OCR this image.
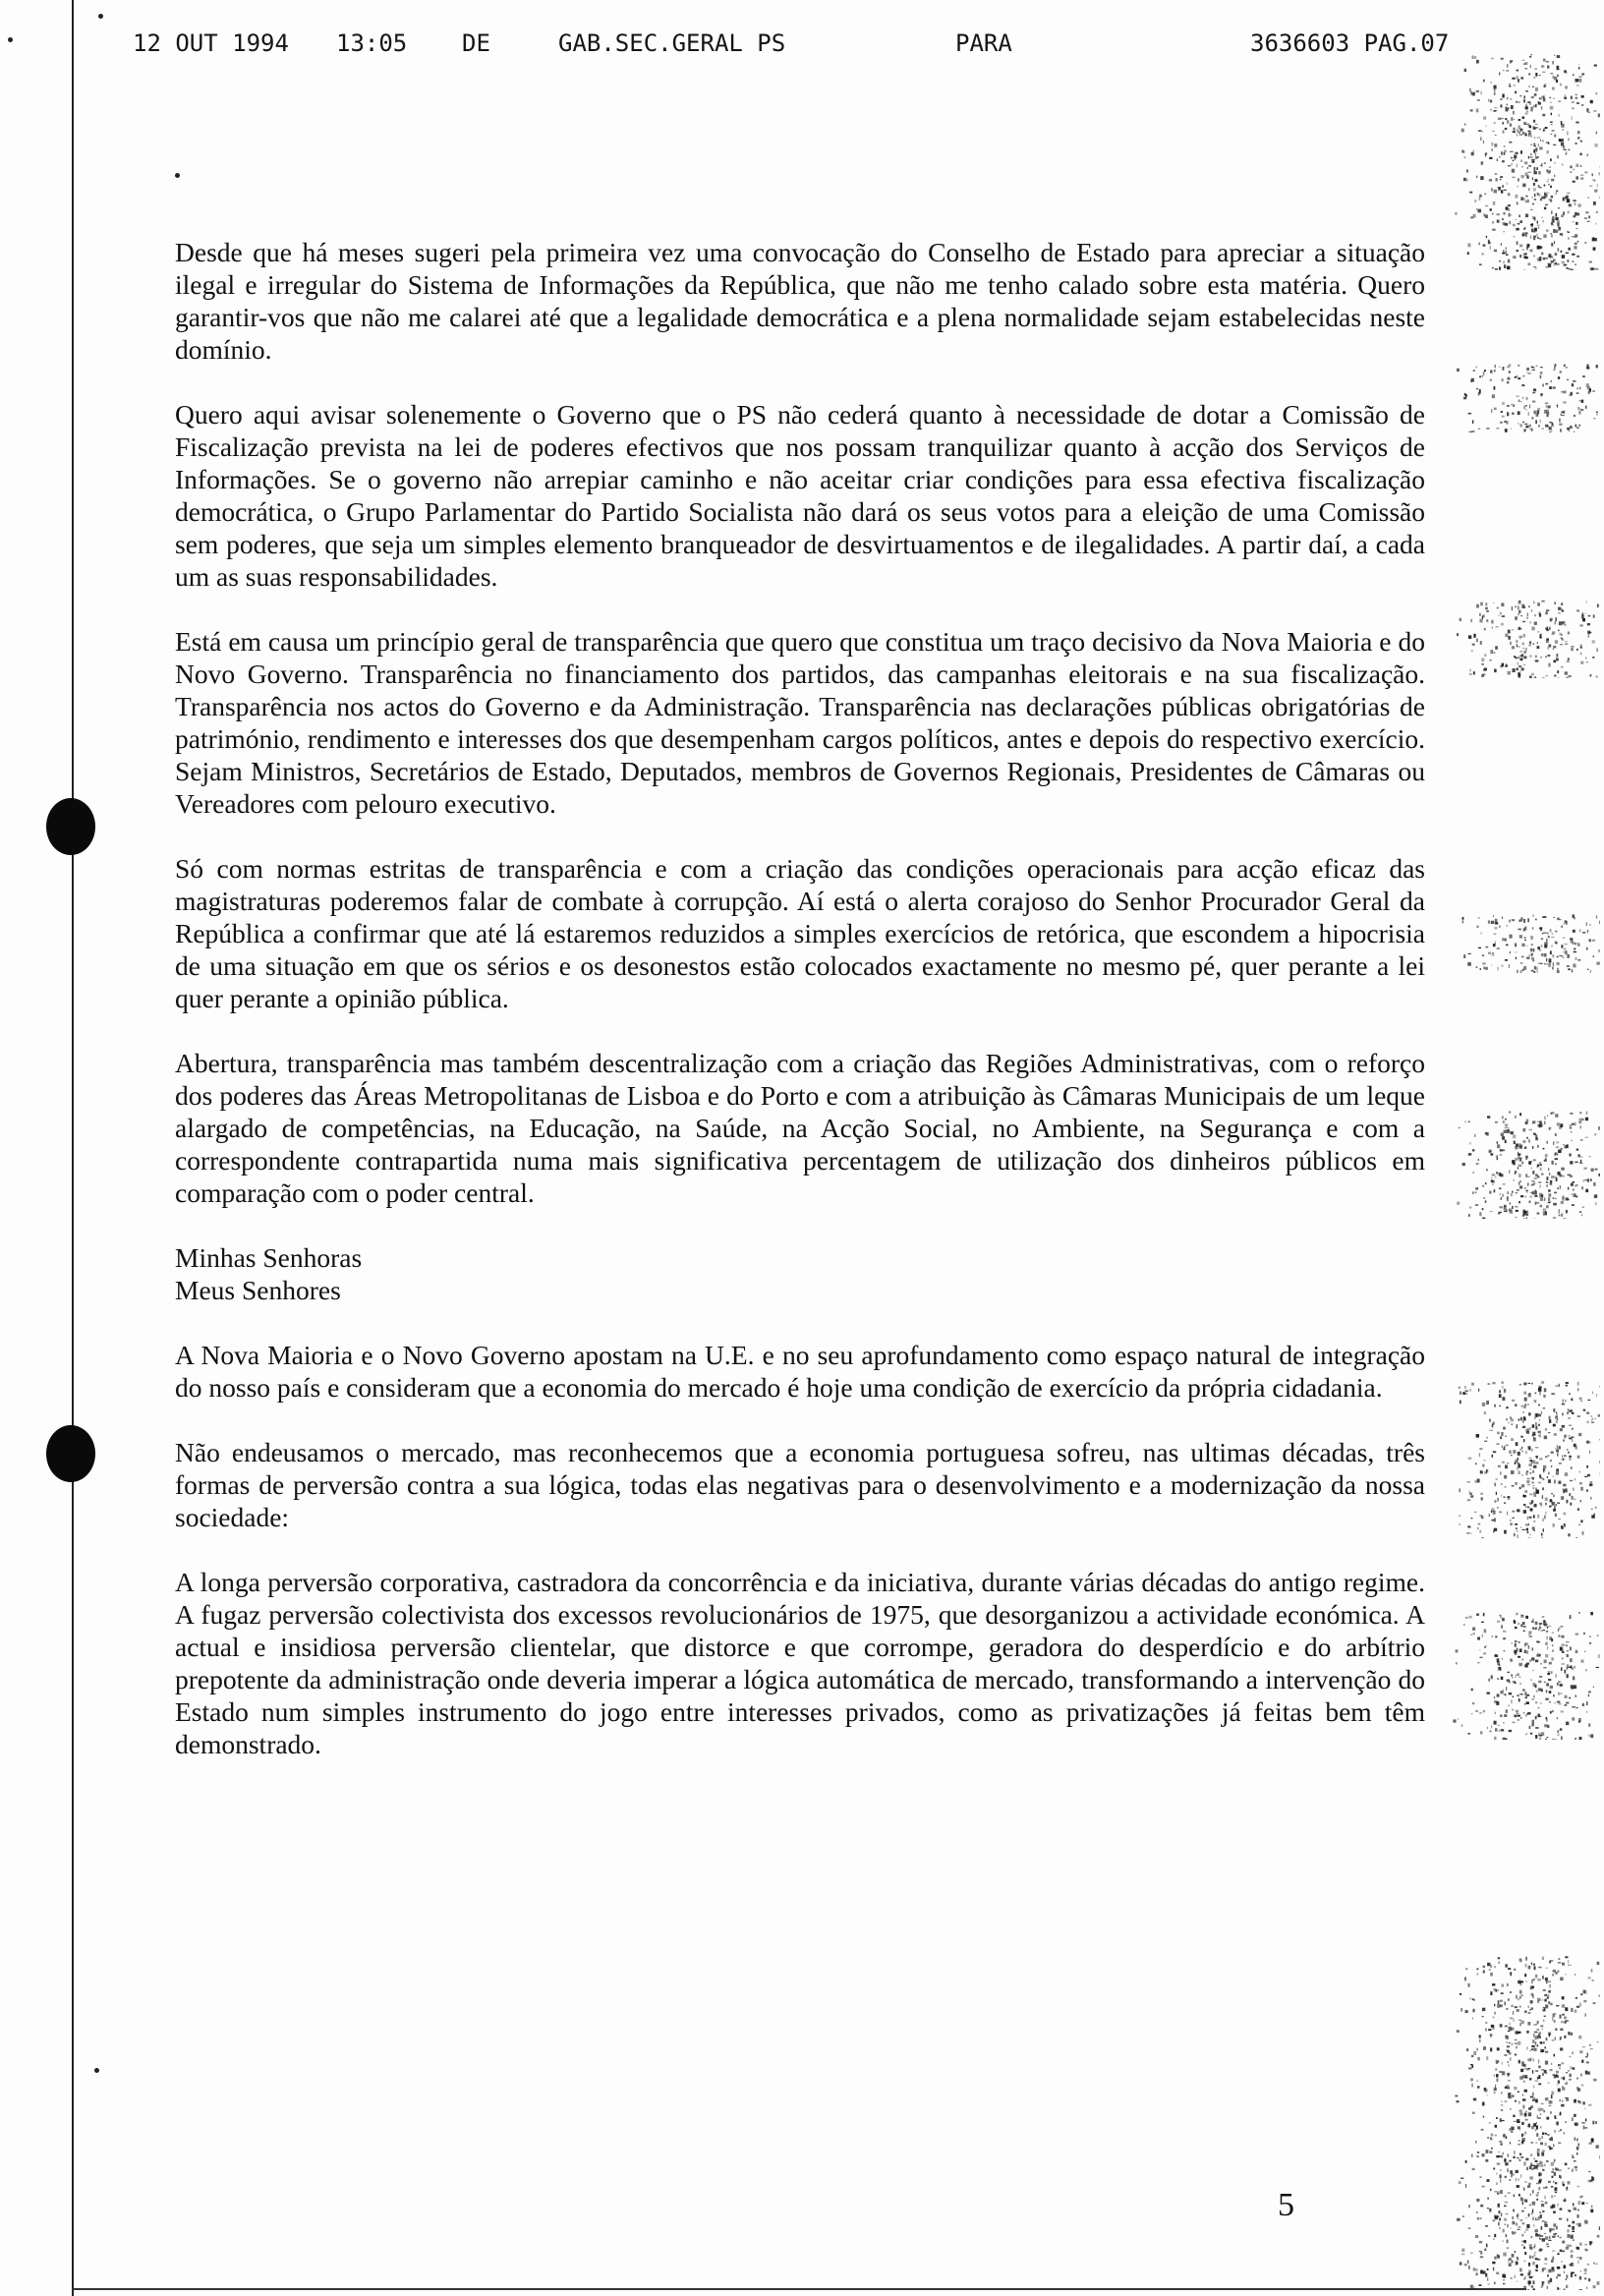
12 OUT 1994 13:05 DE	GAB.SEC.GERAL PS	PARA	3636603 PAG.07

Desde que há meses sugeri pela primeira vez uma convocação do Conselho de Estado para apreciar a situação ilegal e irregular do Sistema de Informações da República, que não me tenho calado sobre esta matéria. Quero garantir-vos que não me calarei até que a legalidade democrática e a plena normalidade sejam estabelecidas neste domínio.

Quero aqui avisar solenemente o Governo que o PS não cederá quanto à necessidade de dotar a Comissão de Fiscalização prevista na lei de poderes efectivos que nos possam tranquilizar quanto à acção dos Serviços de Informações. Se o governo não arrepiar caminho e não aceitar criar condições para essa efectiva fiscalização democrática, o Grupo Parlamentar do Partido Socialista não dará os seus votos para a eleição de uma Comissão sem poderes, que seja um simples elemento branqueador de desvirtuamentos e de ilegalidades. A partir daí, a cada um as suas responsabilidades.

Está em causa um princípio geral de transparência que quero que constitua um traço decisivo da Nova Maioria e do Novo Governo. Transparência no financiamento dos partidos, das campanhas eleitorais e na sua fiscalização. Transparência nos actos do Governo e da Administração. Transparência nas declarações públicas obrigatórias de património, rendimento e interesses dos que desempenham cargos políticos, antes e depois do respectivo exercício. Sejam Ministros, Secretários de Estado, Deputados, membros de Governos Regionais, Presidentes de Câmaras ou Vereadores com pelouro executivo.

Só com normas estritas de transparência e com a criação das condições operacionais para acção eficaz das magistraturas poderemos falar de combate à corrupção. Aí está o alerta corajoso do Senhor Procurador Geral da República a confirmar que até lá estaremos reduzidos a simples exercícios de retórica, que escondem a hipocrisia de uma situação em que os sérios e os desonestos estão colocados exactamente no mesmo pé, quer perante a lei quer perante a opinião pública.

Abertura, transparência mas também descentralização com a criação das Regiões Administrativas, com o reforço dos poderes das Áreas Metropolitanas de Lisboa e do Porto e com a atribuição às Câmaras Municipais de um leque alargado de competências, na Educação, na Saúde, na Acção Social, no Ambiente, na Segurança e com a correspondente contrapartida numa mais significativa percentagem de utilização dos dinheiros públicos em comparação com o poder central.

Minhas Senhoras
Meus Senhores

A Nova Maioria e o Novo Governo apostam na U.E. e no seu aprofundamento como espaço natural de integração do nosso país e consideram que a economia do mercado é hoje uma condição de exercício da própria cidadania.

Não endeusamos o mercado, mas reconhecemos que a economia portuguesa sofreu, nas ultimas décadas, três formas de perversão contra a sua lógica, todas elas negativas para o desenvolvimento e a modernização da nossa sociedade:

A longa perversão corporativa, castradora da concorrência e da iniciativa, durante várias décadas do antigo regime. A fugaz perversão colectivista dos excessos revolucionários de 1975, que desorganizou a actividade económica. A actual e insidiosa perversão clientelar, que distorce e que corrompe, geradora do desperdício e do arbítrio prepotente da administração onde deveria imperar a lógica automática de mercado, transformando a intervenção do Estado num simples instrumento do jogo entre interesses privados, como as privatizações já feitas bem têm demonstrado.

5
